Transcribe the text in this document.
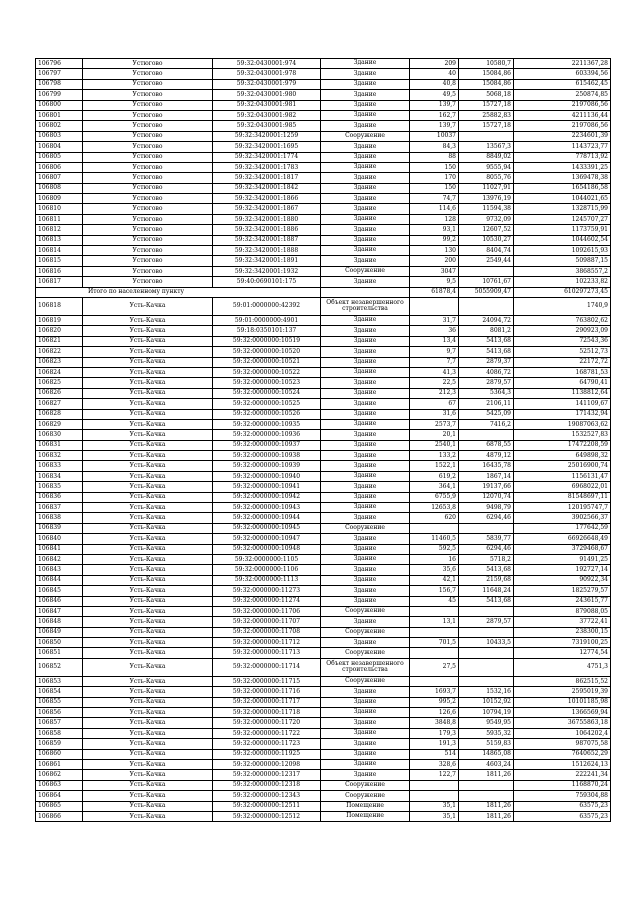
106796	Устюгово	59:32:0430001:974	Здание	209	10580,7	2211367,28
106797	Устюгово	59:32:0430001:978	Здание	40	15084,86	603394,56
106798	Устюгово	59:32:0430001:979	Здание	40,8	15084,86	615462,45
106799	Устюгово	59:32:0430001:980	Здание	49,5	5068,18	250874,85
106800	Устюгово	59:32:0430001:981	Здание	139,7	15727,18	2197086,56
106801	Устюгово	59:32:0430001:982	Здание	162,7	25882,83	4211136,44
106802	Устюгово	59:32:0430001:985	Здание	139,7	15727,18	2197086,56
106803	Устюгово	59:32:3420001:1259	Сооружение	10037		2234601,39
106804	Устюгово	59:32:3420001:1695	Здание	84,3	13567,3	1143723,77
106805	Устюгово	59:32:3420001:1774	Здание	88	8849,02	778713,92
106806	Устюгово	59:32:3420001:1783	Здание	150	9555,94	1433391,25
106807	Устюгово	59:32:3420001:1817	Здание	170	8055,76	1369478,38
106808	Устюгово	59:32:3420001:1842	Здание	150	11027,91	1654186,58
106809	Устюгово	59:32:3420001:1866	Здание	74,7	13976,19	1044021,65
106810	Устюгово	59:32:3420001:1867	Здание	114,6	11594,38	1328715,99
106811	Устюгово	59:32:3420001:1880	Здание	128	9732,09	1245707,27
106812	Устюгово	59:32:3420001:1886	Здание	93,1	12607,52	1173759,91
106813	Устюгово	59:32:3420001:1887	Здание	99,2	10530,27	1044602,54
106814	Устюгово	59:32:3420001:1888	Здание	130	8404,74	1092615,93
106815	Устюгово	59:32:3420001:1891	Здание	200	2549,44	509887,15
106816	Устюгово	59:32:3420001:1932	Сооружение	3047		3868557,2
106817	Устюгово	59:40:0690101:175	Здание	9,5	10761,67	102233,82
Итого по населенному пункту				61878,4	5055909,47	610297273,45
106818	Усть-Качка	59:01:0000000:42392	Объект незавершенного строительства			1740,9
106819	Усть-Качка	59:01:0000000:4901	Здание	31,7	24094,72	763802,62
106820	Усть-Качка	59:18:0350101:137	Здание	36	8081,2	290923,09
106821	Усть-Качка	59:32:0000000:10519	Здание	13,4	5413,68	72543,36
106822	Усть-Качка	59:32:0000000:10520	Здание	9,7	5413,68	52512,73
106823	Усть-Качка	59:32:0000000:10521	Здание	7,7	2879,37	22172,72
106824	Усть-Качка	59:32:0000000:10522	Здание	41,3	4086,72	168781,53
106825	Усть-Качка	59:32:0000000:10523	Здание	22,5	2879,57	64790,41
106826	Усть-Качка	59:32:0000000:10524	Здание	212,3	5364,3	1138812,64
106827	Усть-Качка	59:32:0000000:10525	Здание	67	2106,11	141109,67
106828	Усть-Качка	59:32:0000000:10526	Здание	31,6	5425,09	171432,94
106829	Усть-Качка	59:32:0000000:10935	Здание	2573,7	7416,2	19087063,62
106830	Усть-Качка	59:32:0000000:10936	Здание	20,1		1532527,83
106831	Усть-Качка	59:32:0000000:10937	Здание	2540,1	6878,55	17472208,59
106832	Усть-Качка	59:32:0000000:10938	Здание	133,2	4879,12	649898,32
106833	Усть-Качка	59:32:0000000:10939	Здание	1522,1	16435,78	25016900,74
106834	Усть-Качка	59:32:0000000:10940	Здание	619,2	1867,14	1156131,47
106835	Усть-Качка	59:32:0000000:10941	Здание	364,1	19137,66	6968022,01
106836	Усть-Качка	59:32:0000000:10942	Здание	6755,9	12070,74	81548697,11
106837	Усть-Качка	59:32:0000000:10943	Здание	12653,8	9498,79	120195747,7
106838	Усть-Качка	59:32:0000000:10944	Здание	620	6294,46	3902566,37
106839	Усть-Качка	59:32:0000000:10945	Сооружение			177642,59
106840	Усть-Качка	59:32:0000000:10947	Здание	11460,5	5839,77	66926648,49
106841	Усть-Качка	59:32:0000000:10948	Здание	592,5	6294,46	3729468,67
106842	Усть-Качка	59:32:0000000:1105	Здание	16	5718,2	91491,25
106843	Усть-Качка	59:32:0000000:1106	Здание	35,6	5413,68	192727,14
106844	Усть-Качка	59:32:0000000:1113	Здание	42,1	2159,68	90922,34
106845	Усть-Качка	59:32:0000000:11273	Здание	156,7	11648,24	1825279,57
106846	Усть-Качка	59:32:0000000:11274	Здание	45	5413,68	243615,77
106847	Усть-Качка	59:32:0000000:11706	Сооружение			879088,05
106848	Усть-Качка	59:32:0000000:11707	Здание	13,1	2879,57	37722,41
106849	Усть-Качка	59:32:0000000:11708	Сооружение			238300,15
106850	Усть-Качка	59:32:0000000:11712	Здание	701,5	10433,5	7319100,25
106851	Усть-Качка	59:32:0000000:11713	Сооружение			12774,54
106852	Усть-Качка	59:32:0000000:11714	Объект незавершенного строительства	27,5		4751,3
106853	Усть-Качка	59:32:0000000:11715	Сооружение			862515,52
106854	Усть-Качка	59:32:0000000:11716	Здание	1693,7	1532,16	2595019,39
106855	Усть-Качка	59:32:0000000:11717	Здание	995,2	10152,92	10101185,98
106856	Усть-Качка	59:32:0000000:11718	Здание	126,6	10794,19	1366569,94
106857	Усть-Качка	59:32:0000000:11720	Здание	3848,8	9549,95	36755863,18
106858	Усть-Качка	59:32:0000000:11722	Здание	179,3	5935,32	1064202,4
106859	Усть-Качка	59:32:0000000:11723	Здание	191,3	5159,83	987075,58
106860	Усть-Качка	59:32:0000000:11925	Здание	514	14865,08	7640652,29
106861	Усть-Качка	59:32:0000000:12098	Здание	328,6	4603,24	1512624,13
106862	Усть-Качка	59:32:0000000:12317	Здание	122,7	1811,26	222241,34
106863	Усть-Качка	59:32:0000000:12318	Сооружение			1168870,24
106864	Усть-Качка	59:32:0000000:12343	Сооружение			759304,88
106865	Усть-Качка	59:32:0000000:12511	Помещение	35,1	1811,26	63575,23
106866	Усть-Качка	59:32:0000000:12512	Помещение	35,1	1811,26	63575,23
